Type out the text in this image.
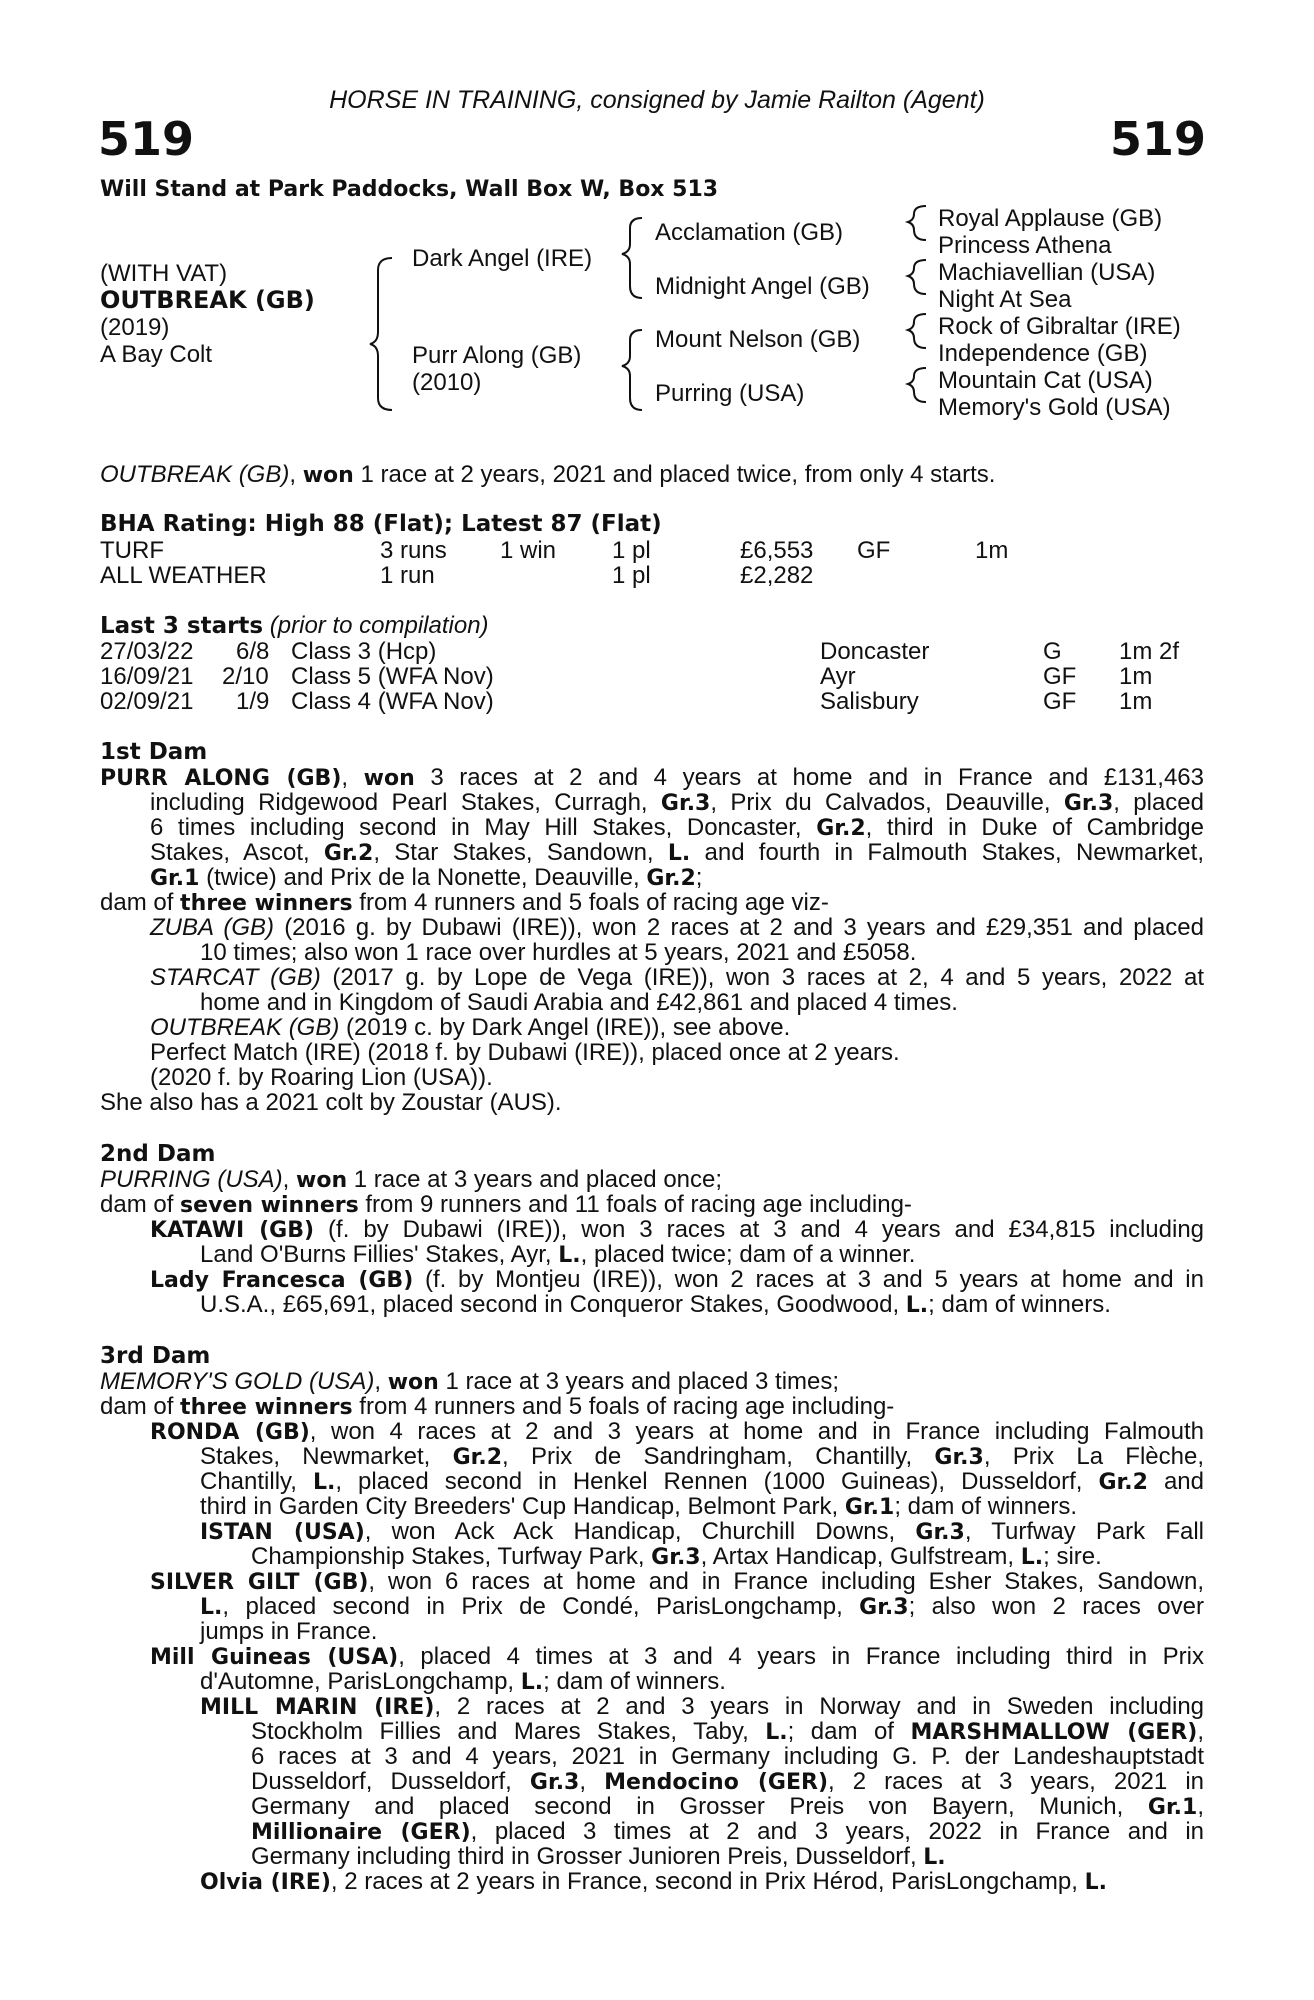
HORSE IN TRAINING, consigned by Jamie Railton (Agent)
519	519
Will Stand at Park Paddocks, Wall Box W, Box 513
(WITH VAT)
OUTBREAK (GB)
(2019)
A Bay Colt
Dark Angel (IRE)
Purr Along (GB)
(2010)
Acclamation (GB)
Midnight Angel (GB)
Mount Nelson (GB)
Purring (USA)
Royal Applause (GB)
Princess Athena
Machiavellian (USA)
Night At Sea
Rock of Gibraltar (IRE)
Independence (GB)
Mountain Cat (USA)
Memory's Gold (USA)
OUTBREAK (GB), won 1 race at 2 years, 2021 and placed twice, from only 4 starts.
BHA Rating: High 88 (Flat); Latest 87 (Flat)
TURF	3 runs 1 win 1 pl	£6,553 GF	1m
ALL WEATHER	1 run	1 pl	£2,282
Last 3 starts (prior to compilation)
27/03/22 6/8 Class 3 (Hcp)	Doncaster	G 1m 2f
16/09/21 2/10 Class 5 (WFA Nov)	Ayr	GF 1m
02/09/21 1/9 Class 4 (WFA Nov)	Salisbury	GF 1m
1st Dam
PURR ALONG (GB), won 3 races at 2 and 4 years at home and in France and £131,463
including Ridgewood Pearl Stakes, Curragh, Gr.3, Prix du Calvados, Deauville, Gr.3, placed
6 times including second in May Hill Stakes, Doncaster, Gr.2, third in Duke of Cambridge
Stakes, Ascot, Gr.2, Star Stakes, Sandown, L. and fourth in Falmouth Stakes, Newmarket,
Gr.1 (twice) and Prix de la Nonette, Deauville, Gr.2;
dam of three winners from 4 runners and 5 foals of racing age viz-
ZUBA (GB) (2016 g. by Dubawi (IRE)), won 2 races at 2 and 3 years and £29,351 and placed
10 times; also won 1 race over hurdles at 5 years, 2021 and £5058.
STARCAT (GB) (2017 g. by Lope de Vega (IRE)), won 3 races at 2, 4 and 5 years, 2022 at
home and in Kingdom of Saudi Arabia and £42,861 and placed 4 times.
OUTBREAK (GB) (2019 c. by Dark Angel (IRE)), see above.
Perfect Match (IRE) (2018 f. by Dubawi (IRE)), placed once at 2 years.
(2020 f. by Roaring Lion (USA)).
She also has a 2021 colt by Zoustar (AUS).
2nd Dam
PURRING (USA), won 1 race at 3 years and placed once;
dam of seven winners from 9 runners and 11 foals of racing age including-
KATAWI (GB) (f. by Dubawi (IRE)), won 3 races at 3 and 4 years and £34,815 including
Land O'Burns Fillies' Stakes, Ayr, L., placed twice; dam of a winner.
Lady Francesca (GB) (f. by Montjeu (IRE)), won 2 races at 3 and 5 years at home and in
U.S.A., £65,691, placed second in Conqueror Stakes, Goodwood, L.; dam of winners.
3rd Dam
MEMORY'S GOLD (USA), won 1 race at 3 years and placed 3 times;
dam of three winners from 4 runners and 5 foals of racing age including-
RONDA (GB), won 4 races at 2 and 3 years at home and in France including Falmouth
Stakes, Newmarket, Gr.2, Prix de Sandringham, Chantilly, Gr.3, Prix La Flèche,
Chantilly, L., placed second in Henkel Rennen (1000 Guineas), Dusseldorf, Gr.2 and
third in Garden City Breeders' Cup Handicap, Belmont Park, Gr.1; dam of winners.
ISTAN (USA), won Ack Ack Handicap, Churchill Downs, Gr.3, Turfway Park Fall
Championship Stakes, Turfway Park, Gr.3, Artax Handicap, Gulfstream, L.; sire.
SILVER GILT (GB), won 6 races at home and in France including Esher Stakes, Sandown,
L., placed second in Prix de Condé, ParisLongchamp, Gr.3; also won 2 races over
jumps in France.
Mill Guineas (USA), placed 4 times at 3 and 4 years in France including third in Prix
d'Automne, ParisLongchamp, L.; dam of winners.
MILL MARIN (IRE), 2 races at 2 and 3 years in Norway and in Sweden including
Stockholm Fillies and Mares Stakes, Taby, L.; dam of MARSHMALLOW (GER),
6 races at 3 and 4 years, 2021 in Germany including G. P. der Landeshauptstadt
Dusseldorf, Dusseldorf, Gr.3, Mendocino (GER), 2 races at 3 years, 2021 in
Germany and placed second in Grosser Preis von Bayern, Munich, Gr.1,
Millionaire (GER), placed 3 times at 2 and 3 years, 2022 in France and in
Germany including third in Grosser Junioren Preis, Dusseldorf, L.
Olvia (IRE), 2 races at 2 years in France, second in Prix Hérod, ParisLongchamp, L.
